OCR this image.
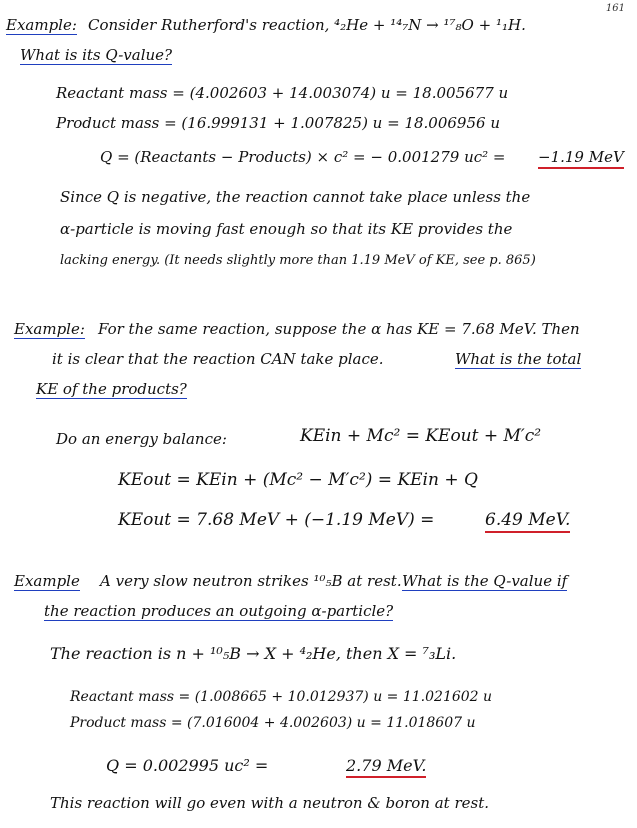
161
Example: Consider Rutherford's reaction, ⁴₂He + ¹⁴₇N → ¹⁷₈O + ¹₁H.
What is its Q-value?
Reactant mass = (4.002603 + 14.003074) u = 18.005677 u
Product mass = (16.999131 + 1.007825) u = 18.006956 u
Q = (Reactants − Products) × c² = − 0.001279 uc² = −1.19 MeV
Since Q is negative, the reaction cannot take place unless the
α-particle is moving fast enough so that its KE provides the
lacking energy. (It needs slightly more than 1.19 MeV of KE, see p. 865)
Example: For the same reaction, suppose the α has KE = 7.68 MeV. Then
it is clear that the reaction CAN take place.	What is the total
KE of the products?
Do an energy balance:	KEin + Mc² = KEout + M′c²
KEout = KEin + (Mc² − M′c²) = KEin + Q
KEout = 7.68 MeV + (−1.19 MeV) =	6.49 MeV.
Example A very slow neutron strikes ¹⁰₅B at rest. What is the Q-value if
the reaction produces an outgoing α-particle?
The reaction is n + ¹⁰₅B → X + ⁴₂He, then X = ⁷₃Li.
Reactant mass = (1.008665 + 10.012937) u = 11.021602 u
Product mass = (7.016004 + 4.002603) u = 11.018607 u
Q = 0.002995 uc² =	2.79 MeV.
This reaction will go even with a neutron & boron at rest.
